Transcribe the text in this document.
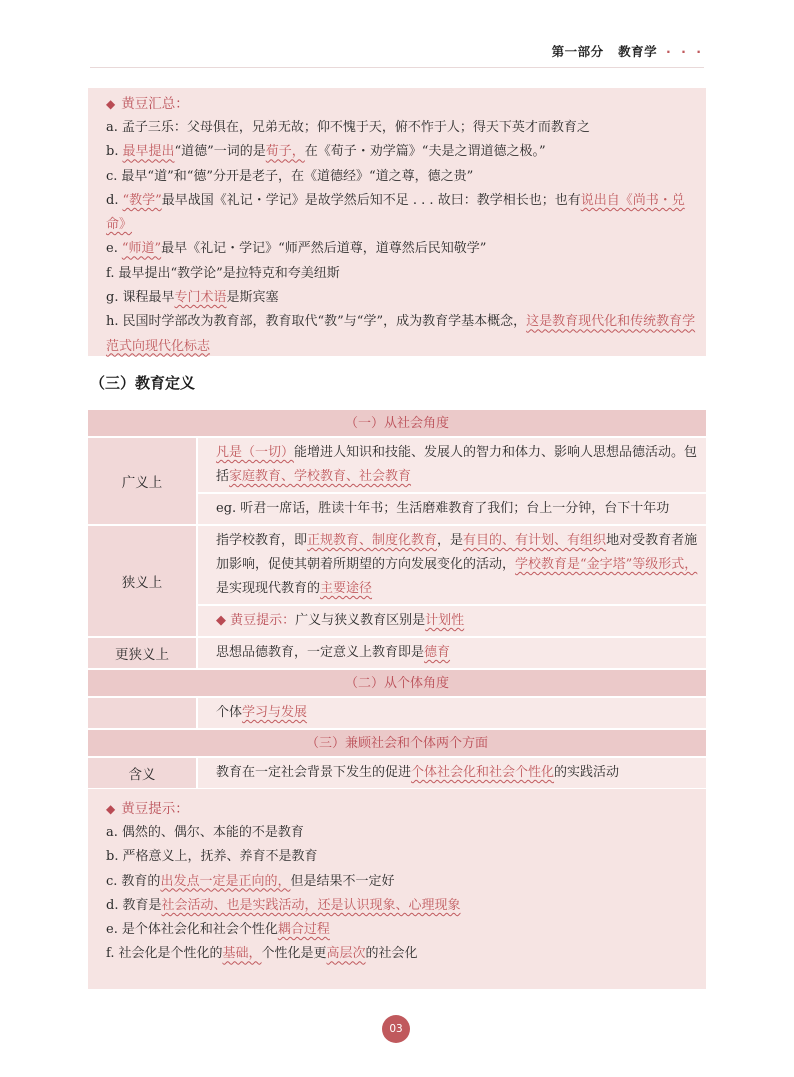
第一部分 教育学 · · ·
◆ 黄豆汇总：
a. 孟子三乐：父母俱在，兄弟无故；仰不愧于天，俯不怍于人；得天下英才而教育之
b. 最早提出“道德”一词的是荀子，在《荀子・劝学篇》“夫是之谓道德之极。”
c. 最早“道”和“德”分开是老子，在《道德经》“道之尊，德之贵”
d. “教学”最早战国《礼记・学记》是故学然后知不足 . . . 故曰：教学相长也；也有说出自《尚书・兑命》
e. “师道”最早《礼记・学记》“师严然后道尊，道尊然后民知敬学”
f. 最早提出“教学论”是拉特克和夸美纽斯
g. 课程最早专门术语是斯宾塞
h. 民国时学部改为教育部，教育取代“教”与“学”，成为教育学基本概念，这是教育现代化和传统教育学范式向现代化标志
（三）教育定义
（一）从社会角度
广义上
凡是（一切）能增进人知识和技能、发展人的智力和体力、影响人思想品德活动。包括家庭教育、学校教育、社会教育
eg. 听君一席话，胜读十年书；生活磨难教育了我们；台上一分钟，台下十年功
狭义上
指学校教育，即正规教育、制度化教育，是有目的、有计划、有组织地对受教育者施加影响，促使其朝着所期望的方向发展变化的活动，学校教育是“金字塔”等级形式，是实现现代教育的主要途径
◆ 黄豆提示：广义与狭义教育区别是计划性
更狭义上	思想品德教育，一定意义上教育即是德育
（二）从个体角度
个体学习与发展
（三）兼顾社会和个体两个方面
含义	教育在一定社会背景下发生的促进个体社会化和社会个性化的实践活动
◆ 黄豆提示：
a. 偶然的、偶尔、本能的不是教育
b. 严格意义上，抚养、养育不是教育
c. 教育的出发点一定是正向的，但是结果不一定好
d. 教育是社会活动、也是实践活动，还是认识现象、心理现象
e. 是个体社会化和社会个性化耦合过程
f. 社会化是个性化的基础，个性化是更高层次的社会化
03
